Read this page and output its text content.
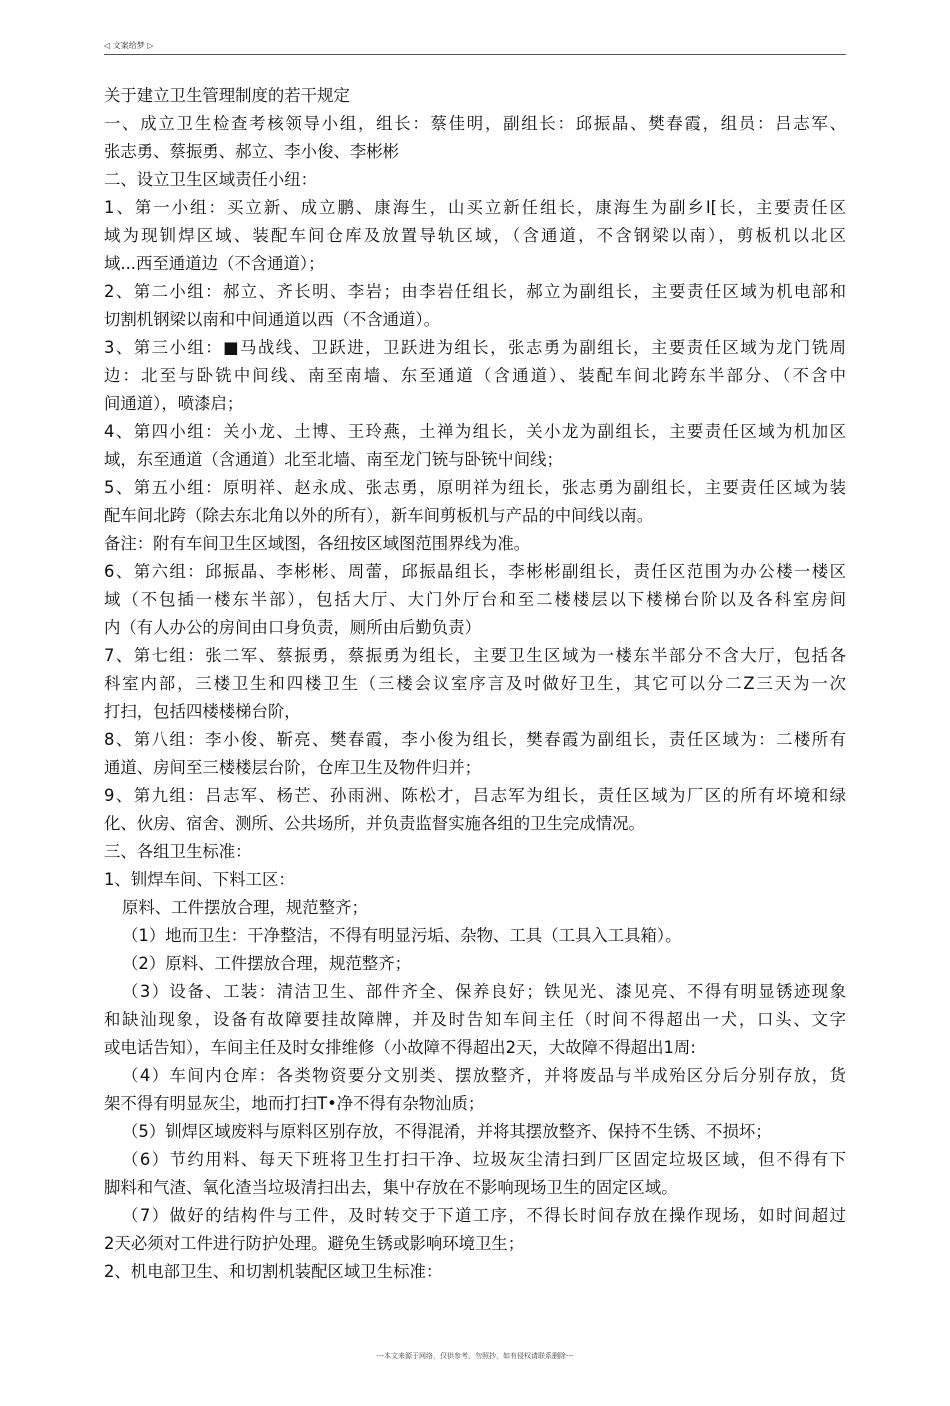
◁ 文案给梦 ▷
关于建立卫生管理制度的若干规定
一、成立卫生检查考核领导小组，组长：蔡佳明，副组长：邱振晶、樊春霞，组员：吕志军、
张志勇、蔡振勇、郝立、李小俊、李彬彬
二、设立卫生区域责任小纽：
1、第一小组：买立新、成立鹏、康海生，山买立新任组长，康海生为副乡I[长，主要责任区
域为现钏焊区域、装配车间仓库及放置导轨区域，（含通道，不含钢梁以南），剪板机以北区
域...西至通道边（不含通道）；
2、第二小组：郝立、齐长明、李岩；由李岩任组长，郝立为副组长，主要责任区域为机电部和
切割机钢梁以南和中间通道以西（不含通道）。
3、第三小组：■马战线、卫跃进，卫跃进为组长，张志勇为副组长，主要责任区域为龙门铣周
边：北至与卧铣中间线、南至南墙、东至通道（含通道）、装配车间北跨东半部分、（不含中
间通道），喷漆启；
4、第四小组：关小龙、土博、王玲燕，土禅为组长，关小龙为副组长，主要责任区域为机加区
域，东至通道（含通道）北至北墙、南至龙门铳与卧铳屮间线；
5、第五小组：原明祥、赵永成、张志勇，原明祥为纽长，张志勇为副组长，主要责任区域为装
配车间北跨（除去东北角以外的所有），新车间剪板机与产品的中间线以南。
备注：附有车间卫生区域图，各纽按区域图范围界线为准。
6、第六组：邱振晶、李彬彬、周蕾，邱振晶组长，李彬彬副组长，责任区范围为办公楼一楼区
域（不包插一楼东半部），包括大厅、大门外厅台和至二楼楼层以下楼梯台阶以及各科室房间
内（有人办公的房间由口身负责，厕所由后勤负责）
7、第七组：张二军、蔡振勇，蔡振勇为组长，主要卫生区域为一楼东半部分不含大厅，包括各
科室内部，三楼卫生和四楼卫生（三楼会议室序言及吋做好卫生，其它可以分二Z三天为一次
打扫，包括四楼楼梯台阶，
8、第八组：李小俊、靳亮、樊春霞，李小俊为组长，樊春霞为副组长，责任区域为：二楼所有
通道、房间至三楼楼层台阶，仓库卫生及物件归并；
9、第九组：吕志军、杨芒、孙雨洲、陈松才，吕志军为组长，责任区域为厂区的所有坏境和绿
化、伙房、宿舍、测所、公共场所，并负责监督实施各组的卫生完成情况。
三、各组卫生标准：
1、钏焊车间、下料工区：
原料、工件摆放合理，规范整齐；
（1）地而卫生：干净整洁，不得有明显污垢、杂物、工具（工具入工具箱）。
（2）原料、工件摆放合理，规范整齐；
（3）设备、工装：清洁卫生、部件齐全、保养良好；铁见光、漆见亮、不得有明显锈迹现象
和缺汕现象，设备有故障要挂故障牌，并及时告知车间主任（时间不得超出一犬，口头、文字
或电话告知），车间主任及时女排维修（小故障不得超出2天，大故障不得超出1周:
（4）车间内仓库：各类物资要分文别类、摆放整齐，并将废品与半成殆区分后分别存放，货
架不得有明显灰尘，地而打扫T•净不得有杂物汕质；
（5）钏焊区域废料与原料区别存放，不得混淆，并将其摆放整齐、保持不生锈、不损坏；
（6）节约用料、每天下班将卫生打扫干净、垃圾灰尘清扫到厂区固定垃圾区域，但不得有下
脚料和气渣、氧化渣当垃圾清扫出去，集屮存放在不影响现场卫生的固定区域。
（7）做好的结构件与工件，及时转交于下道工序，不得长时间存放在操作现场，如时间超过
2天必须对工件进行防护处理。避免生锈或影响环境卫生；
2、机电部卫生、和切割机装配区域卫生标准：
---本文来源于网络，仅供参考，勿照抄，如有侵权请联系删除---
